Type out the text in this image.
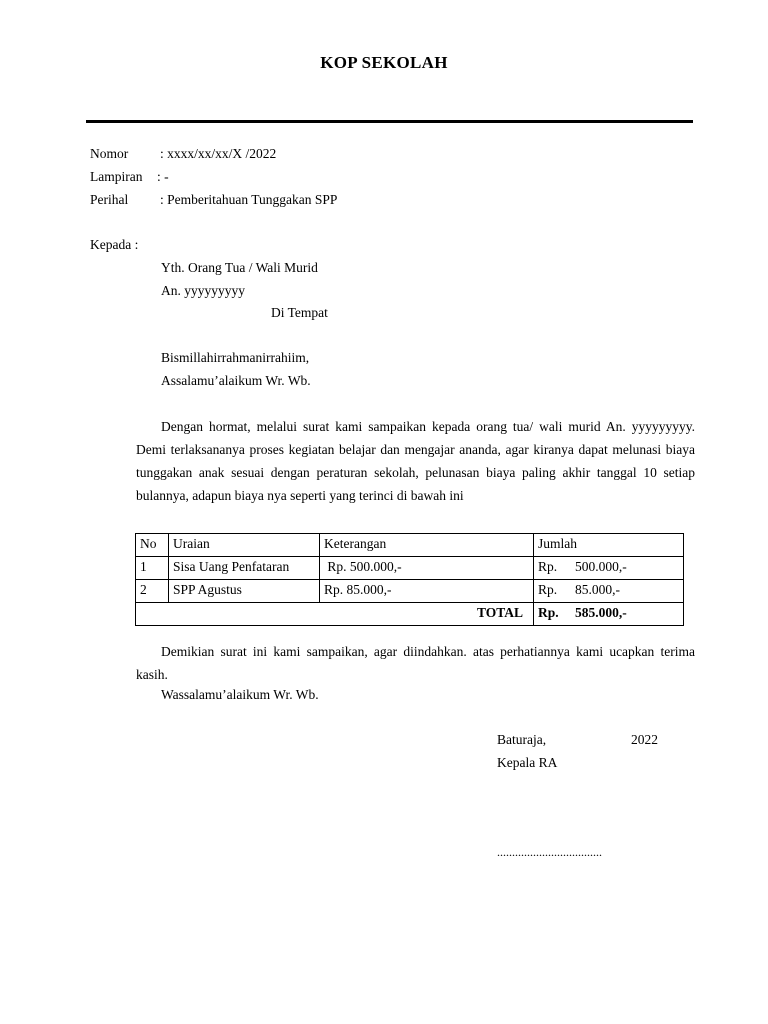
KOP SEKOLAH
Nomor : xxxx/xx/xx/X /2022
Lampiran : -
Perihal : Pemberitahuan Tunggakan SPP
Kepada :
Yth. Orang Tua / Wali Murid
An. yyyyyyyyy
Di Tempat
Bismillahirrahmanirrahiim,
Assalamu’alaikum Wr. Wb.
Dengan hormat, melalui surat kami sampaikan kepada orang tua/ wali murid An. yyyyyyyyy. Demi terlaksananya proses kegiatan belajar dan mengajar ananda, agar kiranya dapat melunasi biaya tunggakan anak sesuai dengan peraturan sekolah, pelunasan biaya paling akhir tanggal 10 setiap bulannya, adapun biaya nya seperti yang terinci di bawah ini
No	Uraian	Keterangan	Jumlah
1	Sisa Uang Penfataran	Rp. 500.000,-	Rp. 500.000,-
2	SPP Agustus	Rp. 85.000,-	Rp. 85.000,-
TOTAL			Rp. 585.000,-
Demikian surat ini kami sampaikan, agar diindahkan. atas perhatiannya kami ucapkan terima kasih.
Wassalamu’alaikum Wr. Wb.
Baturaja,	2022
Kepala RA
...................................
